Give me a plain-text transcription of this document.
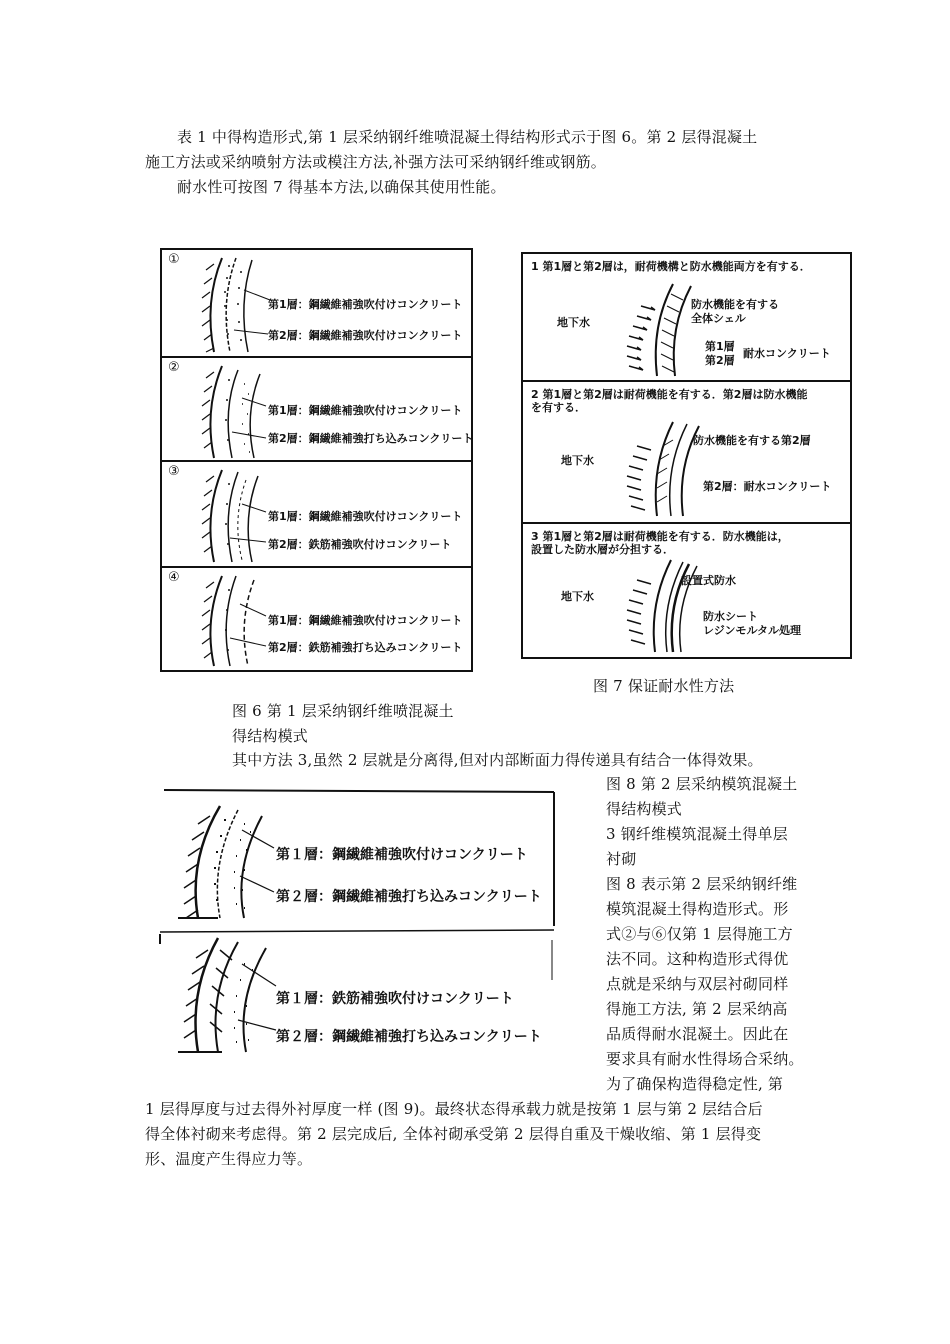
表 1 中得构造形式,第 1 层采纳钢纤维喷混凝土得结构形式示于图 6。第 2 层得混凝土
施工方法或采纳喷射方法或模注方法,补强方法可采纳钢纤维或钢筋。
耐水性可按图 7 得基本方法,以确保其使用性能。
①
第1層：鋼繊維補強吹付けコンクリート
第2層：鋼繊維補強吹付けコンクリート
②
第1層：鋼繊維補強吹付けコンクリート
第2層：鋼繊維補強打ち込みコンクリート
③
第1層：鋼繊維補強吹付けコンクリート
第2層：鉄筋補強吹付けコンクリート
④
第1層：鋼繊維補強吹付けコンクリート
第2層：鉄筋補強打ち込みコンクリート
1 第1層と第2層は，耐荷機構と防水機能両方を有する．
地下水
防水機能を有する
全体シェル
第1層
第2層
耐水コンクリート
2 第1層と第2層は耐荷機能を有する．第2層は防水機能
を有する．
地下水
防水機能を有する第2層
第2層：耐水コンクリート
3 第1層と第2層は耐荷機能を有する．防水機能は，
設置した防水層が分担する．
地下水
設置式防水
防水シート
レジンモルタル処理
图 7 保证耐水性方法
图 6 第 1 层采纳钢纤维喷混凝土
得结构模式
其中方法 3,虽然 2 层就是分离得,但对内部断面力得传递具有结合一体得效果。
第１層：鋼繊維補強吹付けコンクリート
第２層：鋼繊維補強打ち込みコンクリート
第１層：鉄筋補強吹付けコンクリート
第２層：鋼繊維補強打ち込みコンクリート
图 8 第 2 层采纳模筑混凝土
得结构模式
3 钢纤维模筑混凝土得单层
衬砌
图 8 表示第 2 层采纳钢纤维
模筑混凝土得构造形式。形
式②与⑥仅第 1 层得施工方
法不同。这种构造形式得优
点就是采纳与双层衬砌同样
得施工方法, 第 2 层采纳高
品质得耐水混凝土。因此在
要求具有耐水性得场合采纳。
为了确保构造得稳定性, 第
1 层得厚度与过去得外衬厚度一样 (图 9)。最终状态得承载力就是按第 1 层与第 2 层结合后
得全体衬砌来考虑得。第 2 层完成后, 全体衬砌承受第 2 层得自重及干燥收缩、第 1 层得变
形、温度产生得应力等。
